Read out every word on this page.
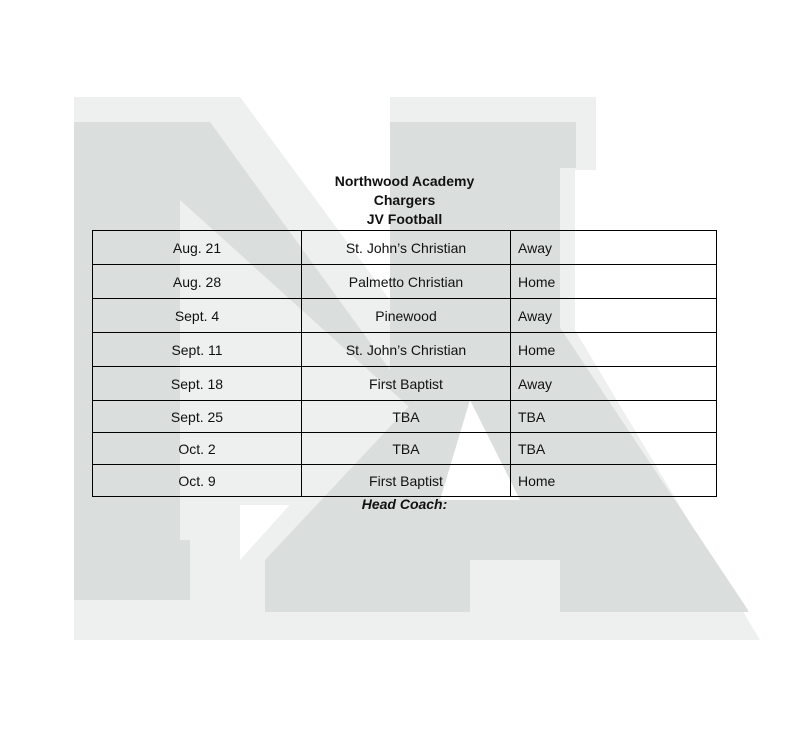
Northwood Academy
Chargers
JV Football
Aug. 21	St. John’s Christian	Away
Aug. 28	Palmetto Christian	Home
Sept. 4	Pinewood	Away
Sept. 11	St. John’s Christian	Home
Sept. 18	First Baptist	Away
Sept. 25	TBA	TBA
Oct. 2	TBA	TBA
Oct. 9	First Baptist	Home
Head Coach:
